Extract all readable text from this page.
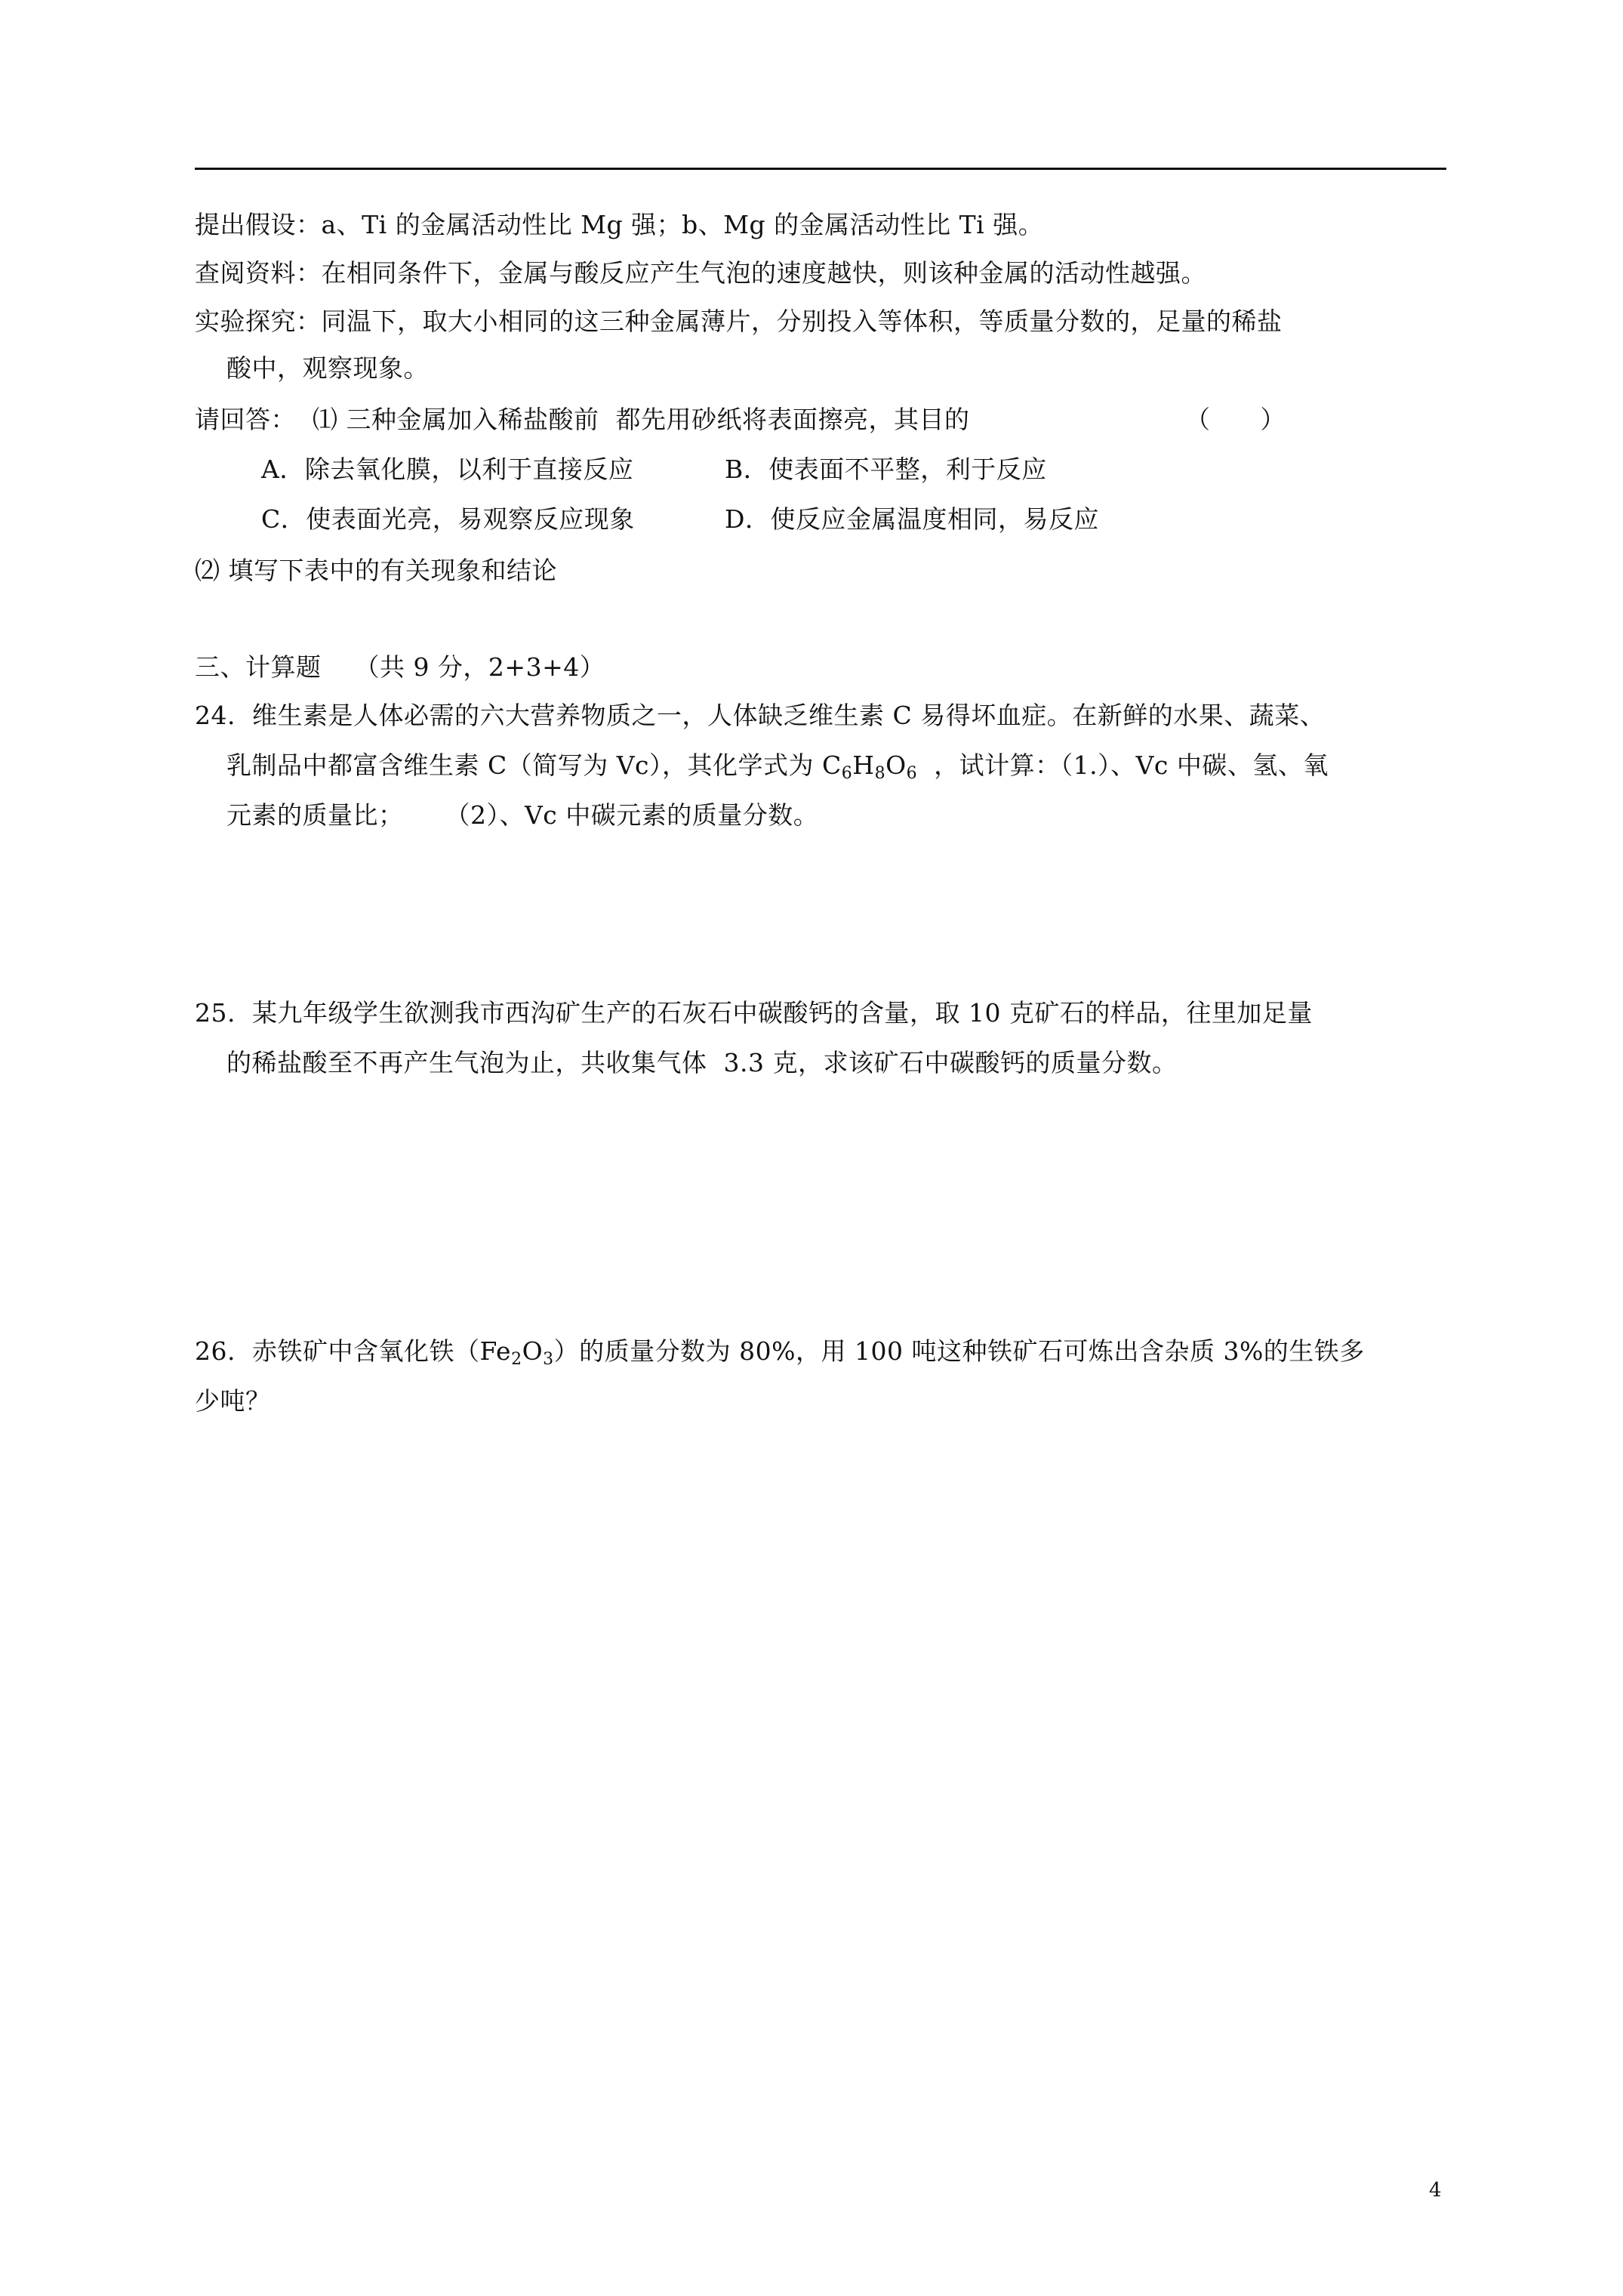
提出假设：a、Ti 的金属活动性比 Mg 强；b、Mg 的金属活动性比 Ti 强。
查阅资料：在相同条件下，金属与酸反应产生气泡的速度越快，则该种金属的活动性越强。
实验探究：同温下，取大小相同的这三种金属薄片，分别投入等体积，等质量分数的，足量的稀盐
酸中，观察现象。
请回答：  ⑴ 三种金属加入稀盐酸前  都先用砂纸将表面擦亮，其目的	（      ）
A．除去氧化膜，以利于直接反应	B．使表面不平整，利于反应
C．使表面光亮，易观察反应现象	D．使反应金属温度相同，易反应
⑵ 填写下表中的有关现象和结论
三、计算题    （共 9 分，2+3+4）
24.  维生素是人体必需的六大营养物质之一，人体缺乏维生素 C 易得坏血症。在新鲜的水果、蔬菜、
乳制品中都富含维生素 C（简写为 Vc），其化学式为 $C_6H_8O_6$  ，试计算：（1.）、Vc 中碳、氢、氧
元素的质量比；     （2）、Vc 中碳元素的质量分数。
25.  某九年级学生欲测我市西沟矿生产的石灰石中碳酸钙的含量，取 10 克矿石的样品，往里加足量
的稀盐酸至不再产生气泡为止，共收集气体  3.3 克，求该矿石中碳酸钙的质量分数。
26.  赤铁矿中含氧化铁$(Fe_2O_3)$的质量分数为 80%，用 100 吨这种铁矿石可炼出含杂质 3%的生铁多
少吨？
4
